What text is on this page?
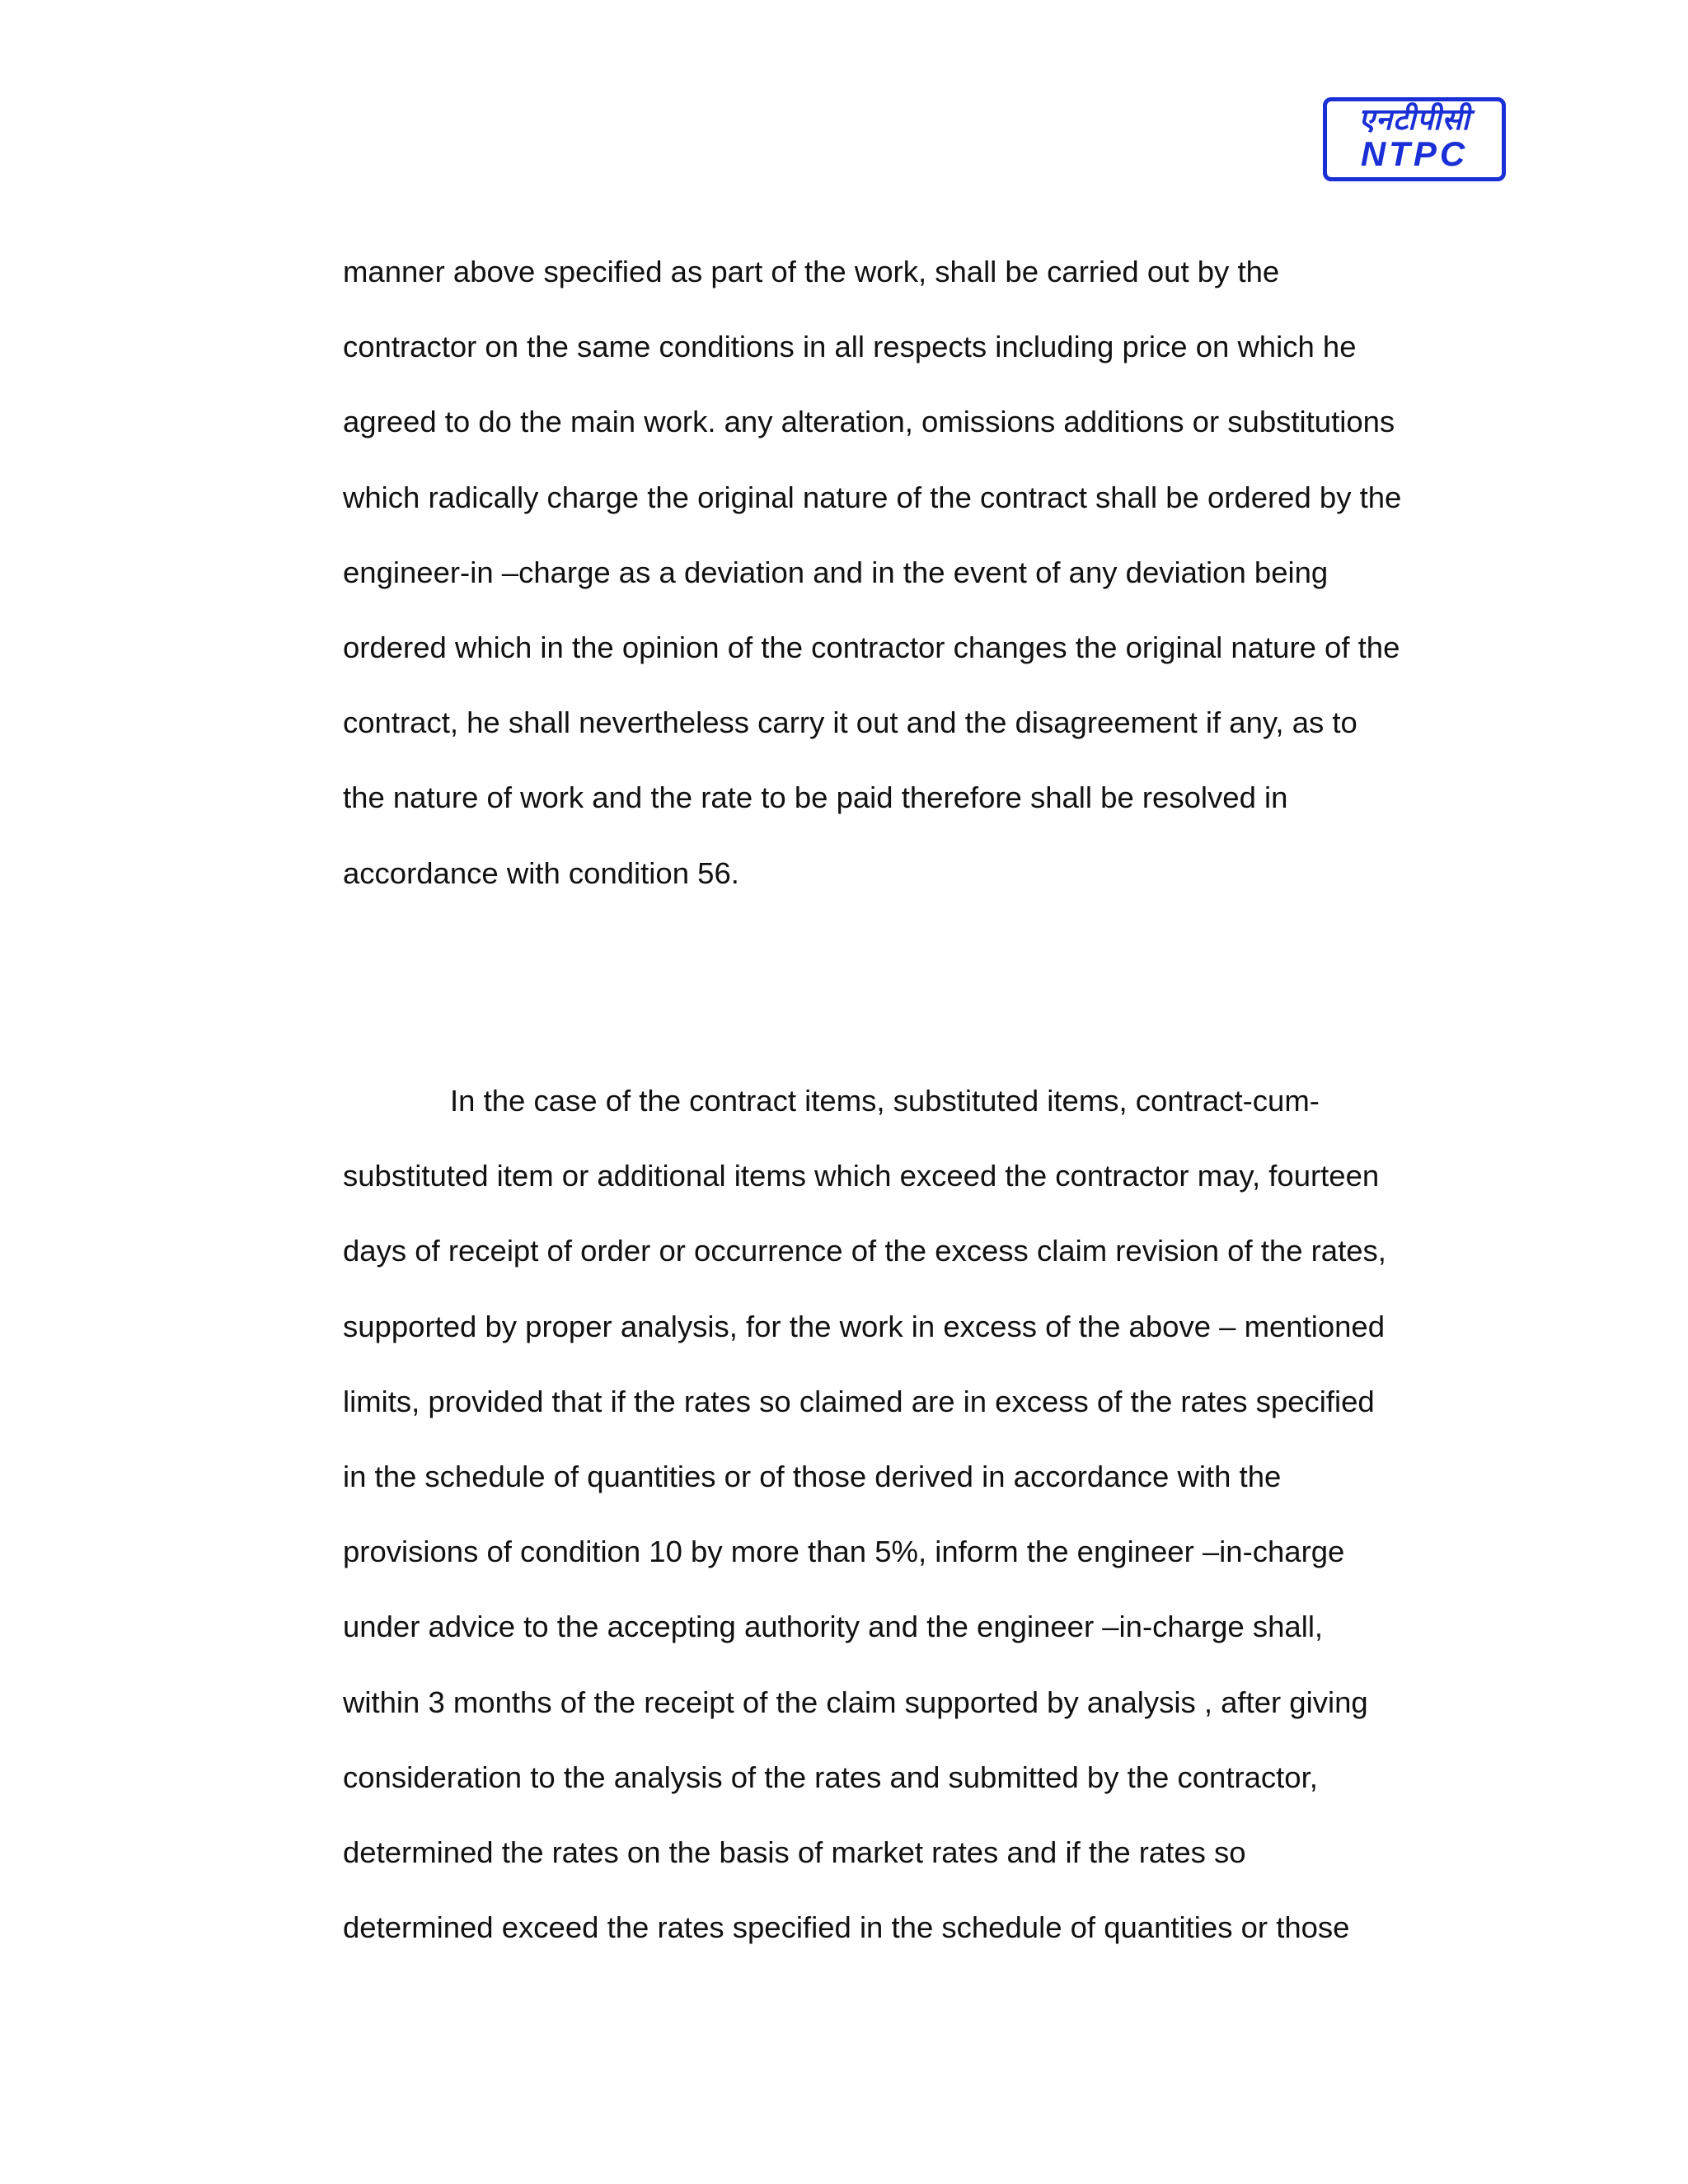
एनटीपीसी
NTPC

manner above specified as part of the work, shall be carried out by the
contractor on the same conditions in all respects including price on which he
agreed to do the main work. any alteration, omissions additions or substitutions
which radically charge the original nature of the contract shall be ordered by the
engineer-in –charge as a deviation and in the event of any deviation being
ordered which in the opinion of the contractor changes the original nature of the
contract, he shall nevertheless carry it out and the disagreement if any, as to
the nature of work and the rate to be paid therefore shall be resolved in
accordance with condition 56.

In the case of the contract items, substituted items, contract-cum-
substituted item or additional items which exceed the contractor may, fourteen
days of receipt of order or occurrence of the excess claim revision of the rates,
supported by proper analysis, for the work in excess of the above – mentioned
limits, provided that if the rates so claimed are in excess of the rates specified
in the schedule of quantities or of those derived in accordance with the
provisions of condition 10 by more than 5%, inform the engineer –in-charge
under advice to the accepting authority and the engineer –in-charge shall,
within 3 months of the receipt of the claim supported by analysis , after giving
consideration to the analysis of the rates and submitted by the contractor,
determined the rates on the basis of market rates and if the rates so
determined exceed the rates specified in the schedule of quantities or those
